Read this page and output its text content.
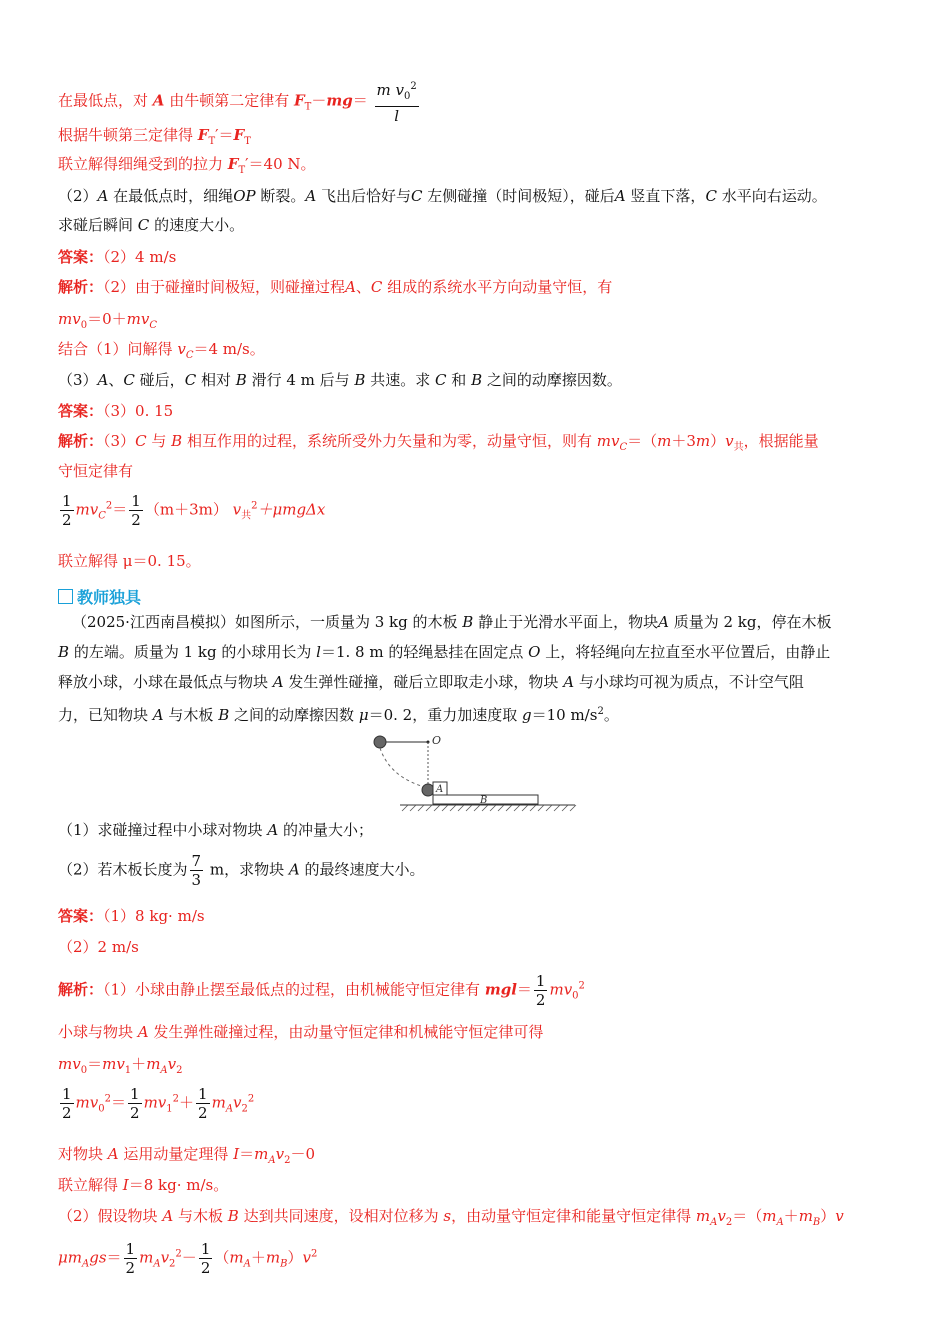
在最低点，对 A 由牛顿第二定律有 $F_T-mg= \frac{m v_0^2}{l}$
根据牛顿第三定律得 $F_T'=F_T$
联立解得细绳受到的拉力 $F_T'=40$ N。
（2）A 在最低点时，细绳OP 断裂。A 飞出后恰好与C 左侧碰撞（时间极短），碰后A 竖直下落，C 水平向右运动。
求碰后瞬间 C 的速度大小。
答案：（2）4 m/s
解析：（2）由于碰撞时间极短，则碰撞过程A、C 组成的系统水平方向动量守恒，有
$mv_0=0+mv_C$
结合（1）问解得 $v_C=4$ m/s。
（3）A、C 碰后，C 相对 B 滑行 4 m 后与 B 共速。求 C 和 B 之间的动摩擦因数。
答案：（3）0. 15
解析：（3）C 与 B 相互作用的过程，系统所受外力矢量和为零，动量守恒，则有 $mv_C=(m+3m)v_共$，根据能量
守恒定律有
$\frac{1}{2} mv_C^2= \frac{1}{2} (m+3m)$ $v_共^2+\mu mg\Delta x$
联立解得 μ＝0. 15。
教师独具
（2025·江西南昌模拟）如图所示，一质量为 3 kg 的木板 B 静止于光滑水平面上，物块A 质量为 2 kg，停在木板
B 的左端。质量为 1 kg 的小球用长为 l＝1. 8 m 的轻绳悬挂在固定点 O 上，将轻绳向左拉直至水平位置后，由静止
释放小球，小球在最低点与物块 A 发生弹性碰撞，碰后立即取走小球，物块 A 与小球均可视为质点，不计空气阻
力，已知物块 A 与木板 B 之间的动摩擦因数 μ＝0. 2，重力加速度取 g＝10 $m/s^2$。
O
A
B
（1）求碰撞过程中小球对物块 A 的冲量大小；
（2）若木板长度为 $\frac{7}{3}$ m，求物块 A 的最终速度大小。
答案：（1）8 kg· m/s
（2）2 m/s
解析：（1）小球由静止摆至最低点的过程，由机械能守恒定律有 $mgl= \frac{1}{2} mv_0^2$
小球与物块 A 发生弹性碰撞过程，由动量守恒定律和机械能守恒定律可得
$mv_0=mv_1+m_Av_2$
$\frac{1}{2} mv_0^2= \frac{1}{2} mv_1^2+ \frac{1}{2} m_Av_2^2$
对物块 A 运用动量定理得 $I=m_Av_2-0$
联立解得 I＝8 kg· m/s。
（2）假设物块 A 与木板 B 达到共同速度，设相对位移为 s，由动量守恒定律和能量守恒定律得 $m_Av_2=(m_A+m_B)v$
$\mu m_Ags= \frac{1}{2} m_Av_2^2- \frac{1}{2} (m_A+m_B)v^2$
